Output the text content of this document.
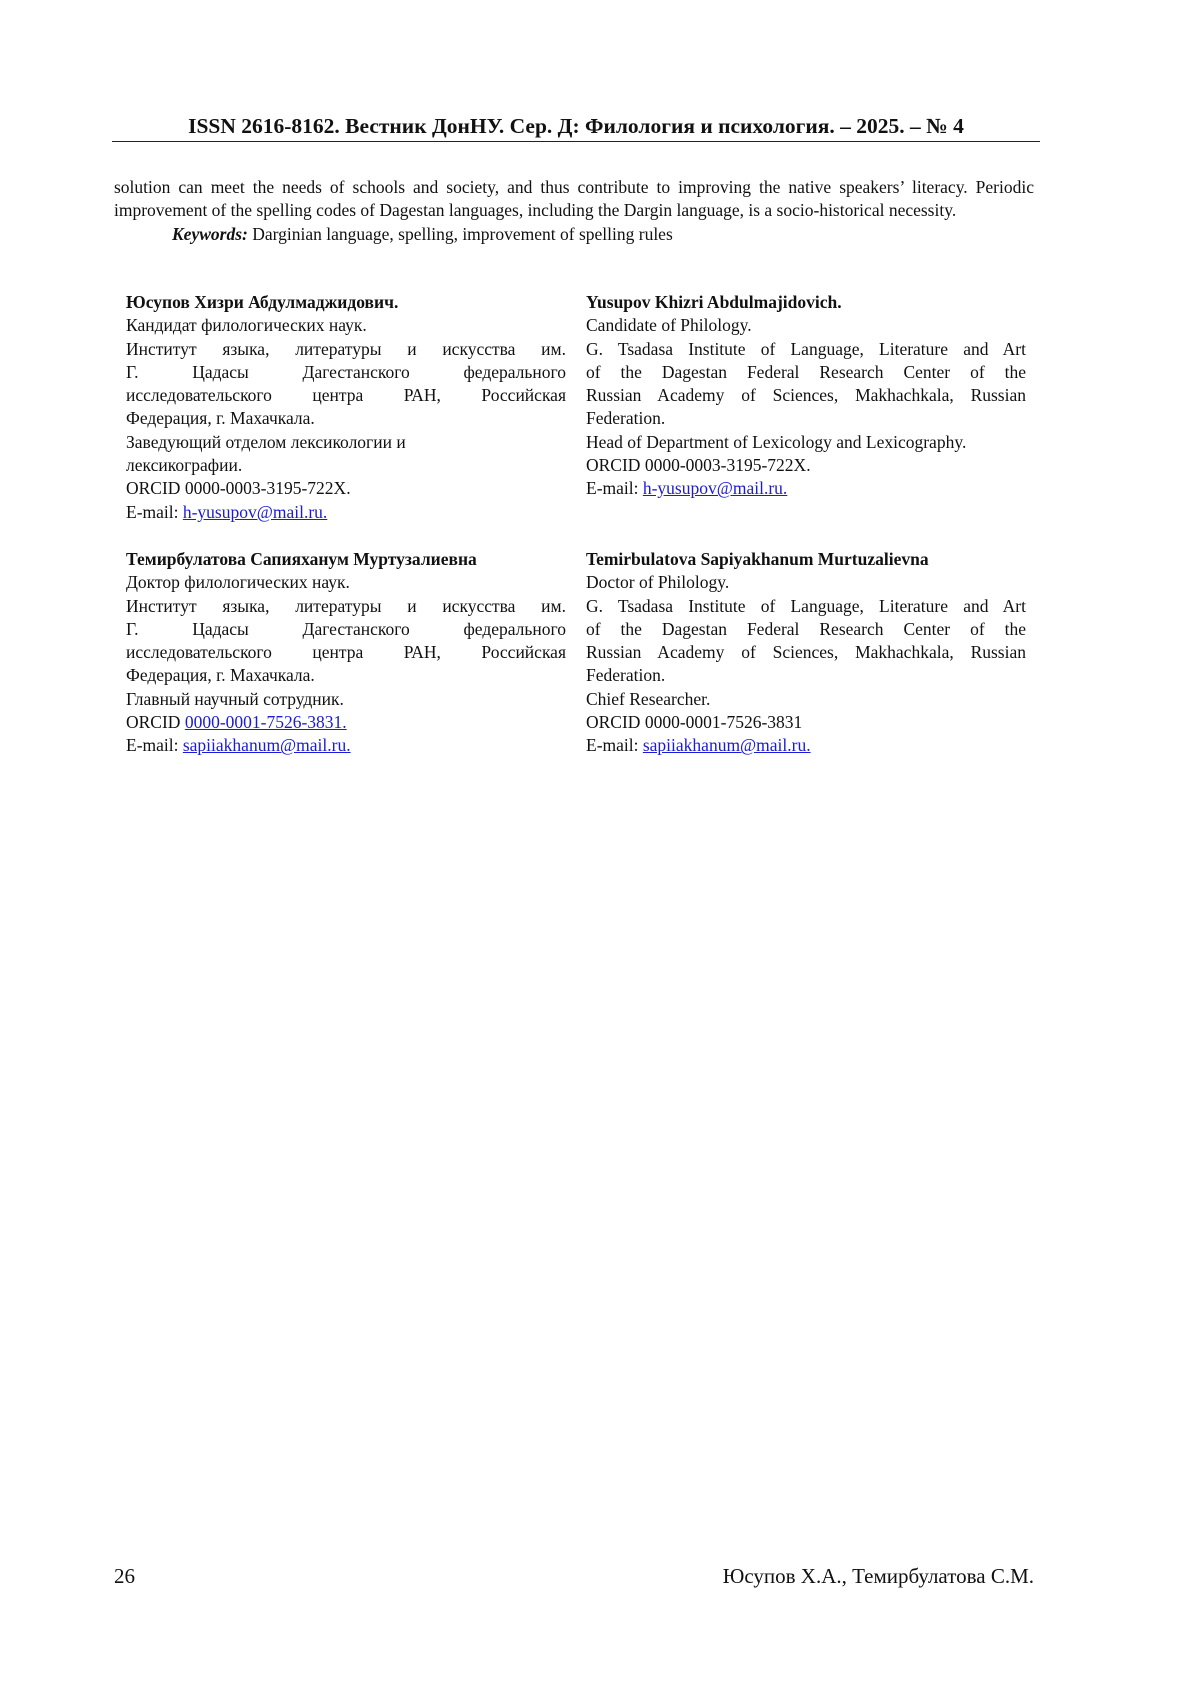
ISSN 2616-8162. Вестник ДонНУ. Сер. Д: Филология и психология. – 2025. – № 4

solution can meet the needs of schools and society, and thus contribute to improving the native speakers’ literacy. Periodic improvement of the spelling codes of Dagestan languages, including the Dargin language, is a socio-historical necessity.

Keywords: Darginian language, spelling, improvement of spelling rules

Юсупов Хизри Абдулмаджидович.
Кандидат филологических наук.
Институт языка, литературы и искусства им.
Г. Цадасы Дагестанского федерального
исследовательского центра РАН, Российская
Федерация, г. Махачкала.
Заведующий отделом лексикологии и
лексикографии.
ORCID 0000-0003-3195-722X.
E-mail: h-yusupov@mail.ru.
Yusupov Khizri Abdulmajidovich.
Candidate of Philology.
G. Tsadasa Institute of Language, Literature and Art
of the Dagestan Federal Research Center of the
Russian Academy of Sciences, Makhachkala, Russian
Federation.
Head of Department of Lexicology and Lexicography.
ORCID 0000-0003-3195-722X.
E-mail: h-yusupov@mail.ru.
Темирбулатова Сапияханум Муртузалиевна
Доктор филологических наук.
Институт языка, литературы и искусства им.
Г. Цадасы Дагестанского федерального
исследовательского центра РАН, Российская
Федерация, г. Махачкала.
Главный научный сотрудник.
ORCID 0000-0001-7526-3831.
E-mail: sapiiakhanum@mail.ru.
Temirbulatova Sapiyakhanum Murtuzalievna
Doctor of Philology.
G. Tsadasa Institute of Language, Literature and Art
of the Dagestan Federal Research Center of the
Russian Academy of Sciences, Makhachkala, Russian
Federation.
Chief Researcher.
ORCID 0000-0001-7526-3831
E-mail: sapiiakhanum@mail.ru.
26	Юсупов Х.А., Темирбулатова С.М.
